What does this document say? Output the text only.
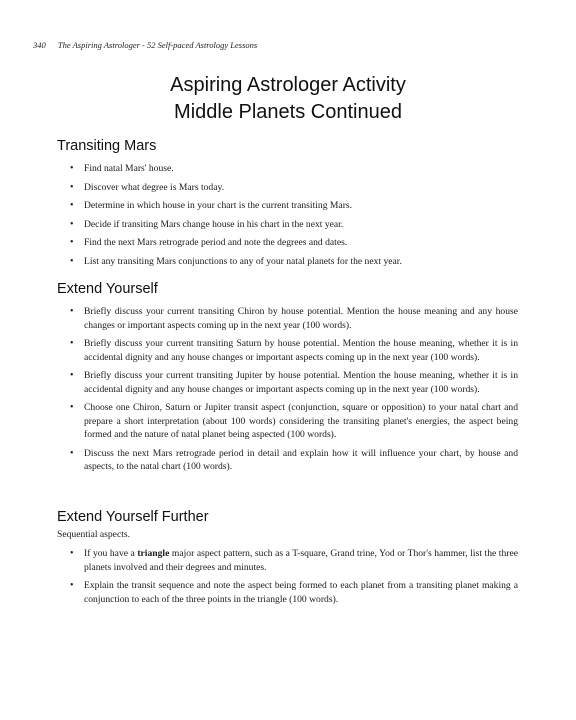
340 The Aspiring Astrologer - 52 Self-paced Astrology Lessons
Aspiring Astrologer Activity
Middle Planets Continued
Transiting Mars
• Find natal Mars' house.
• Discover what degree is Mars today.
• Determine in which house in your chart is the current transiting Mars.
• Decide if transiting Mars change house in his chart in the next year.
• Find the next Mars retrograde period and note the degrees and dates.
• List any transiting Mars conjunctions to any of your natal planets for the next year.
Extend Yourself
• Briefly discuss your current transiting Chiron by house potential. Mention the house meaning and any house changes or important aspects coming up in the next year (100 words).
• Briefly discuss your current transiting Saturn by house potential. Mention the house meaning, whether it is in accidental dignity and any house changes or important aspects coming up in the next year (100 words).
• Briefly discuss your current transiting Jupiter by house potential. Mention the house meaning, whether it is in accidental dignity and any house changes or important aspects coming up in the next year (100 words).
• Choose one Chiron, Saturn or Jupiter transit aspect (conjunction, square or opposition) to your natal chart and prepare a short interpretation (about 100 words) considering the transiting planet's energies, the aspect being formed and the nature of natal planet being aspected (100 words).
• Discuss the next Mars retrograde period in detail and explain how it will influence your chart, by house and aspects, to the natal chart (100 words).
Extend Yourself Further
Sequential aspects.
• If you have a triangle major aspect pattern, such as a T-square, Grand trine, Yod or Thor's hammer, list the three planets involved and their degrees and minutes.
• Explain the transit sequence and note the aspect being formed to each planet from a transiting planet making a conjunction to each of the three points in the triangle (100 words).
